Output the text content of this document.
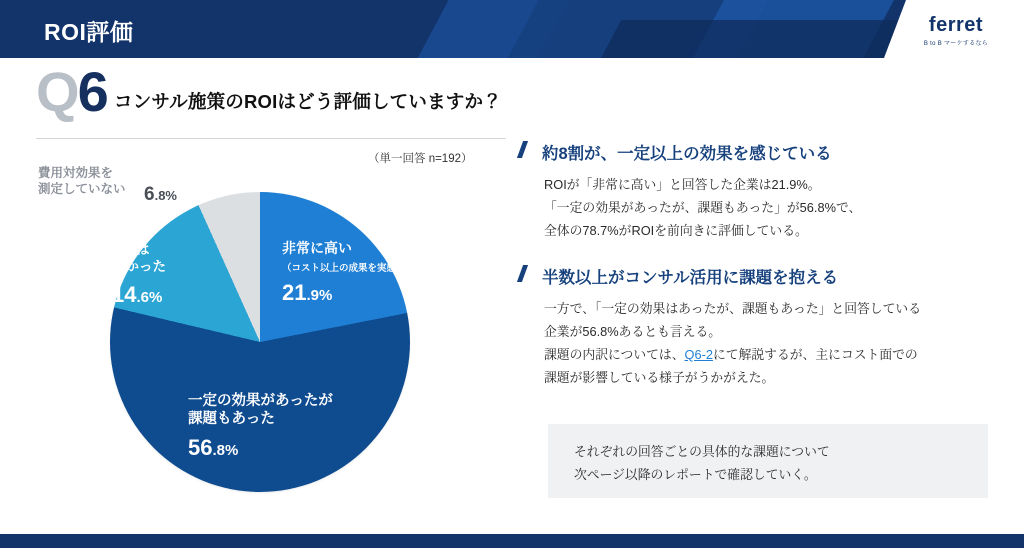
ROI評価	ferret
B to B マーケするなら
Q6 コンサル施策のROIはどう評価していますか？
（単一回答 n=192）
非常に高い
（コスト以上の成果を実感）
21.9%
一定の効果があったが
課題もあった
56.8%
ROIは
低かった
14.6%
費用対効果を
測定していない 6.8%
約8割が、一定以上の効果を感じている
ROIが「非常に高い」と回答した企業は21.9%。
「一定の効果があったが、課題もあった」が56.8%で、
全体の78.7%がROIを前向きに評価している。
半数以上がコンサル活用に課題を抱える
一方で、「一定の効果はあったが、課題もあった」と回答している
企業が56.8%あるとも言える。
課題の内訳については、Q6-2にて解説するが、主にコスト面での
課題が影響している様子がうかがえた。
それぞれの回答ごとの具体的な課題について
次ページ以降のレポートで確認していく。
